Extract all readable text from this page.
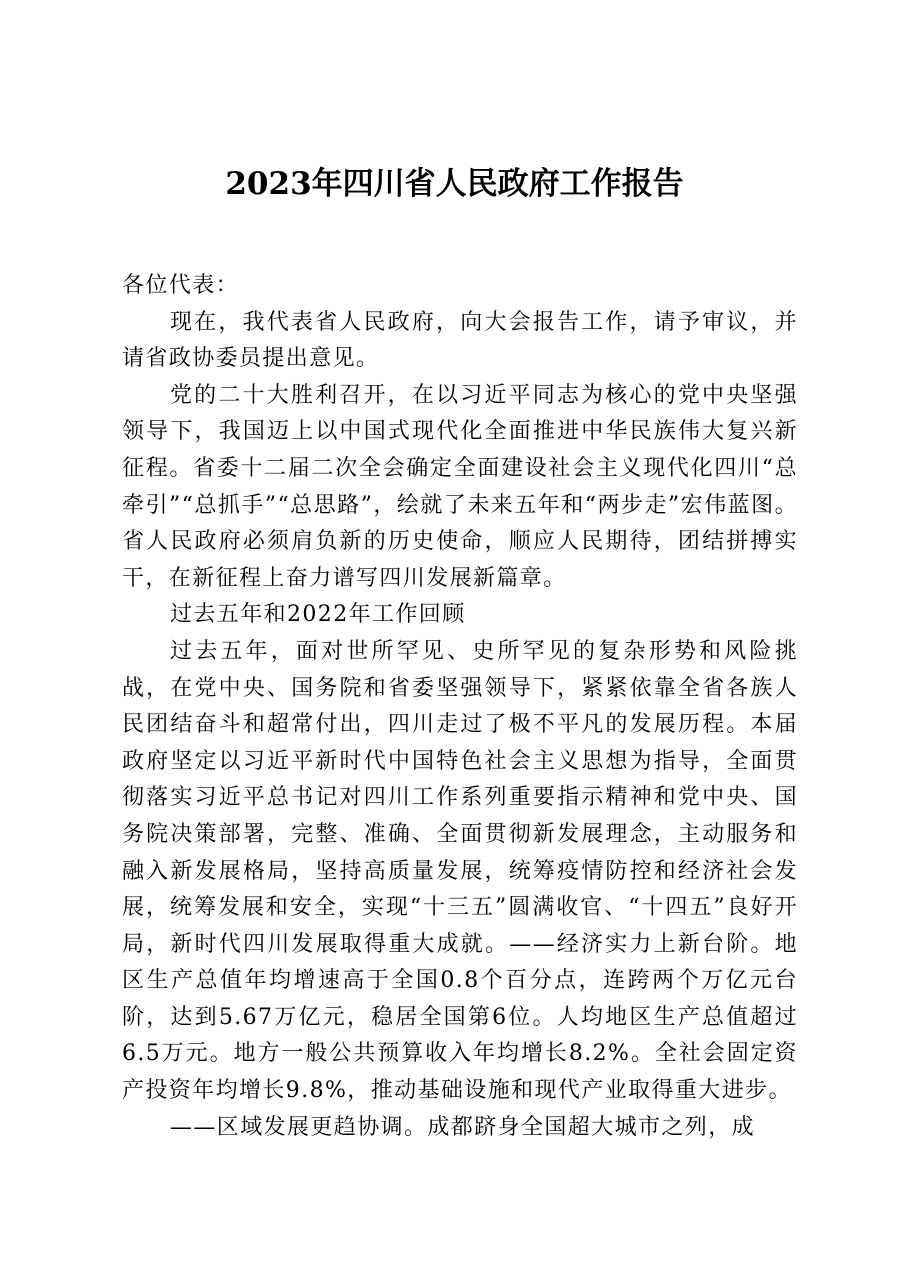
2023年四川省人民政府工作报告

各位代表：

现在，我代表省人民政府，向大会报告工作，请予审议，并请省政协委员提出意见。

党的二十大胜利召开，在以习近平同志为核心的党中央坚强领导下，我国迈上以中国式现代化全面推进中华民族伟大复兴新征程。省委十二届二次全会确定全面建设社会主义现代化四川“总牵引”“总抓手”“总思路”，绘就了未来五年和“两步走”宏伟蓝图。省人民政府必须肩负新的历史使命，顺应人民期待，团结拼搏实干，在新征程上奋力谱写四川发展新篇章。

过去五年和2022年工作回顾

过去五年，面对世所罕见、史所罕见的复杂形势和风险挑战，在党中央、国务院和省委坚强领导下，紧紧依靠全省各族人民团结奋斗和超常付出，四川走过了极不平凡的发展历程。本届政府坚定以习近平新时代中国特色社会主义思想为指导，全面贯彻落实习近平总书记对四川工作系列重要指示精神和党中央、国务院决策部署，完整、准确、全面贯彻新发展理念，主动服务和融入新发展格局，坚持高质量发展，统筹疫情防控和经济社会发展，统筹发展和安全，实现“十三五”圆满收官、“十四五”良好开局，新时代四川发展取得重大成就。——经济实力上新台阶。地区生产总值年均增速高于全国0.8个百分点，连跨两个万亿元台阶，达到5.67万亿元，稳居全国第6位。人均地区生产总值超过6.5万元。地方一般公共预算收入年均增长8.2%。全社会固定资产投资年均增长9.8%，推动基础设施和现代产业取得重大进步。

——区域发展更趋协调。成都跻身全国超大城市之列，成
